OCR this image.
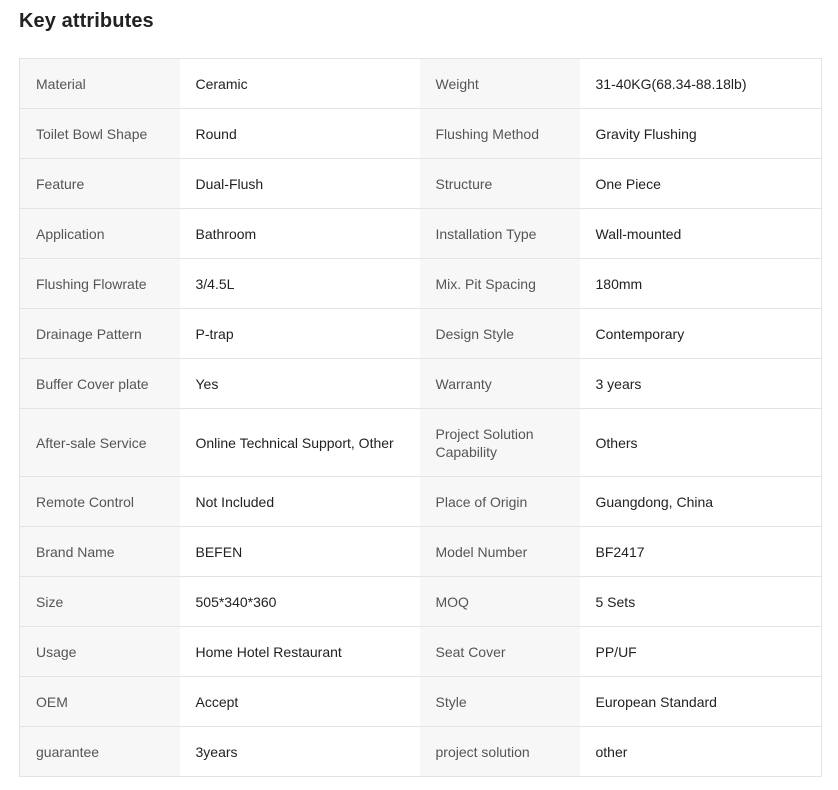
Key attributes
Material	Ceramic	Weight	31-40KG(68.34-88.18lb)
Toilet Bowl Shape	Round	Flushing Method	Gravity Flushing
Feature	Dual-Flush	Structure	One Piece
Application	Bathroom	Installation Type	Wall-mounted
Flushing Flowrate	3/4.5L	Mix. Pit Spacing	180mm
Drainage Pattern	P-trap	Design Style	Contemporary
Buffer Cover plate	Yes	Warranty	3 years
After-sale Service	Online Technical Support, Other	Project Solution Capability	Others
Remote Control	Not Included	Place of Origin	Guangdong, China
Brand Name	BEFEN	Model Number	BF2417
Size	505*340*360	MOQ	5 Sets
Usage	Home Hotel Restaurant	Seat Cover	PP/UF
OEM	Accept	Style	European Standard
guarantee	3years	project solution	other
